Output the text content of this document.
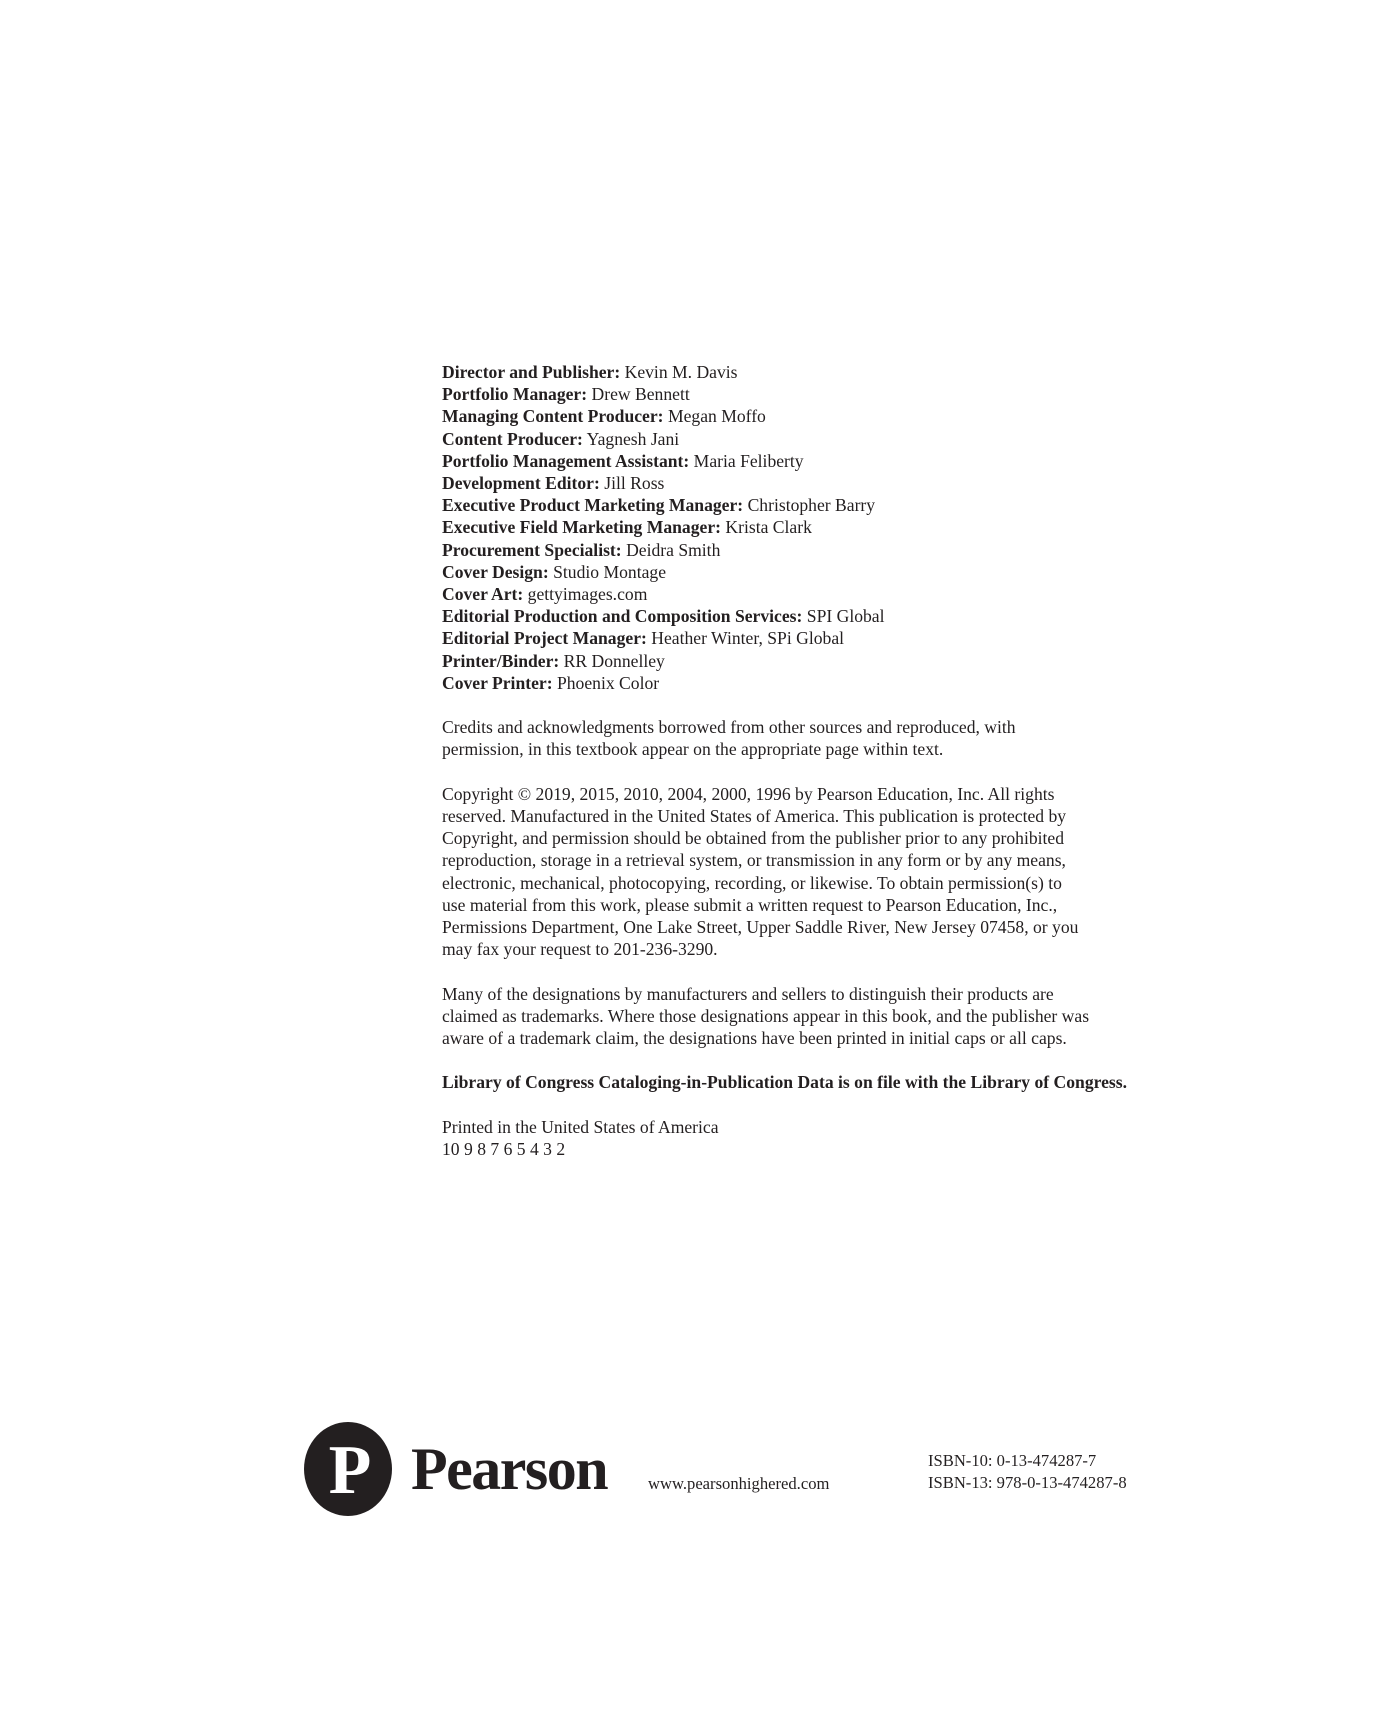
Director and Publisher: Kevin M. Davis
Portfolio Manager: Drew Bennett
Managing Content Producer: Megan Moffo
Content Producer: Yagnesh Jani
Portfolio Management Assistant: Maria Feliberty
Development Editor: Jill Ross
Executive Product Marketing Manager: Christopher Barry
Executive Field Marketing Manager: Krista Clark
Procurement Specialist: Deidra Smith
Cover Design: Studio Montage
Cover Art: gettyimages.com
Editorial Production and Composition Services: SPI Global
Editorial Project Manager: Heather Winter, SPi Global
Printer/Binder: RR Donnelley
Cover Printer: Phoenix Color
Credits and acknowledgments borrowed from other sources and reproduced, with
permission, in this textbook appear on the appropriate page within text.
Copyright © 2019, 2015, 2010, 2004, 2000, 1996 by Pearson Education, Inc. All rights
reserved. Manufactured in the United States of America. This publication is protected by
Copyright, and permission should be obtained from the publisher prior to any prohibited
reproduction, storage in a retrieval system, or transmission in any form or by any means,
electronic, mechanical, photocopying, recording, or likewise. To obtain permission(s) to
use material from this work, please submit a written request to Pearson Education, Inc.,
Permissions Department, One Lake Street, Upper Saddle River, New Jersey 07458, or you
may fax your request to 201-236-3290.
Many of the designations by manufacturers and sellers to distinguish their products are
claimed as trademarks. Where those designations appear in this book, and the publisher was
aware of a trademark claim, the designations have been printed in initial caps or all caps.
Library of Congress Cataloging-in-Publication Data is on file with the Library of Congress.
Printed in the United States of America
10 9 8 7 6 5 4 3 2
P Pearson www.pearsonhighered.com
ISBN-10: 0-13-474287-7
ISBN-13: 978-0-13-474287-8
